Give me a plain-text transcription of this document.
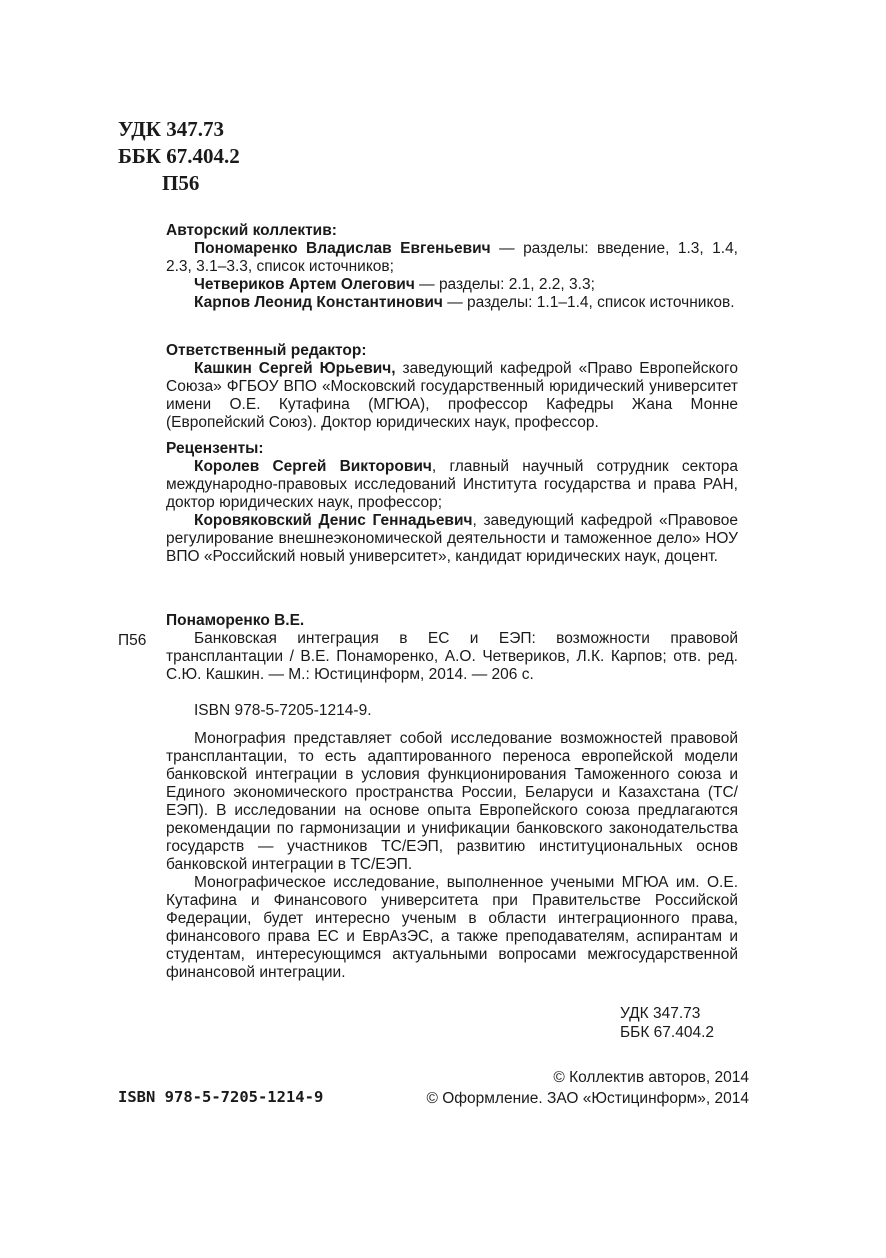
УДК 347.73
ББК 67.404.2
П56

Авторский коллектив:

Пономаренко Владислав Евгеньевич — разделы: введение, 1.3, 1.4, 2.3, 3.1–3.3, список источников;

Четвериков Артем Олегович — разделы: 2.1, 2.2, 3.3;

Карпов Леонид Константинович — разделы: 1.1–1.4, список источников.

Ответственный редактор:

Кашкин Сергей Юрьевич, заведующий кафедрой «Право Европейского Союза» ФГБОУ ВПО «Московский государственный юридический университет имени О.Е. Кутафина (МГЮА), профессор Кафедры Жана Монне (Европейский Союз). Доктор юридических наук, профессор.

Рецензенты:

Королев Сергей Викторович, главный научный сотрудник сектора международно-правовых исследований Института государства и права РАН, доктор юридических наук, профессор;

Коровяковский Денис Геннадьевич, заведующий кафедрой «Правовое регулирование внешнеэкономической деятельности и таможенное дело» НОУ ВПО «Российский новый университет», кандидат юридических наук, доцент.

Понаморенко В.Е.

Банковская интеграция в ЕС и ЕЭП: возможности правовой трансплантации / В.Е. Понаморенко, А.О. Четвериков, Л.К. Карпов; отв. ред. С.Ю. Кашкин. — М.: Юстицинформ, 2014. — 206 с.

ISBN 978-5-7205-1214-9.

П56

Монография представляет собой исследование возможностей правовой трансплантации, то есть адаптированного переноса европейской модели банковской интеграции в условия функционирования Таможенного союза и Единого экономического пространства России, Беларуси и Казахстана (ТС/ЕЭП). В исследовании на основе опыта Европейского союза предлагаются рекомендации по гармонизации и унификации банковского законодательства государств — участников ТС/ЕЭП, развитию институциональных основ банковской интеграции в ТС/ЕЭП.

Монографическое исследование, выполненное учеными МГЮА им. О.Е. Кутафина и Финансового университета при Правительстве Российской Федерации, будет интересно ученым в области интеграционного права, финансового права ЕС и ЕврАзЭС, а также преподавателям, аспирантам и студентам, интересующимся актуальными вопросами межгосударственной финансовой интеграции.

УДК 347.73
ББК 67.404.2
© Коллектив авторов, 2014
© Оформление. ЗАО «Юстицинформ», 2014
ISBN 978-5-7205-1214-9
